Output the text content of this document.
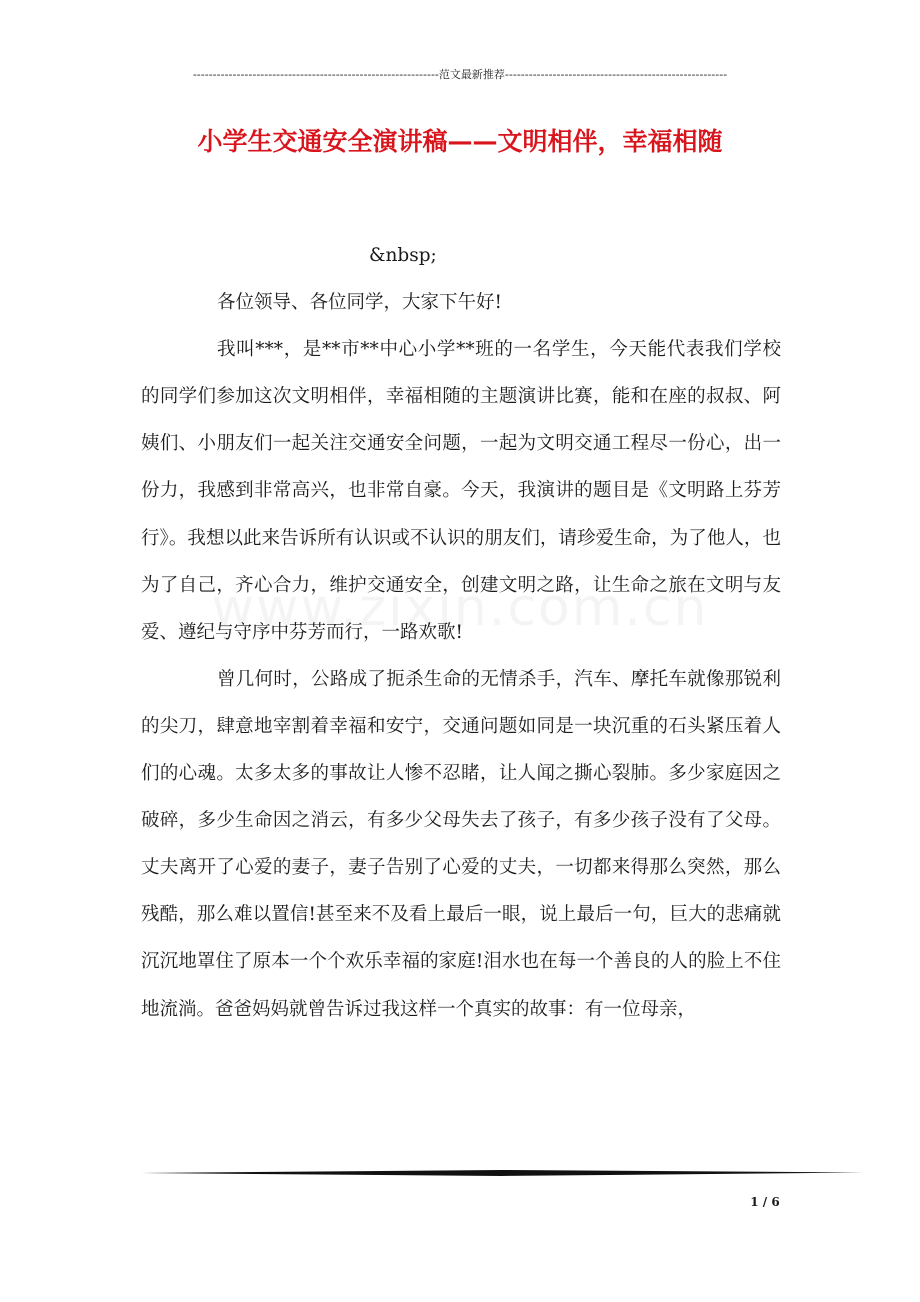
--------------------------------------------------------------范文最新推荐--------------------------------------------------------
小学生交通安全演讲稿——文明相伴，幸福相随

&nbsp;

各位领导、各位同学，大家下午好!

我叫***，是**市**中心小学**班的一名学生，今天能代表我们学校的同学们参加这次文明相伴，幸福相随的主题演讲比赛，能和在座的叔叔、阿姨们、小朋友们一起关注交通安全问题，一起为文明交通工程尽一份心，出一份力，我感到非常高兴，也非常自豪。今天，我演讲的题目是《文明路上芬芳行》。我想以此来告诉所有认识或不认识的朋友们，请珍爱生命，为了他人，也为了自己，齐心合力，维护交通安全，创建文明之路，让生命之旅在文明与友爱、遵纪与守序中芬芳而行，一路欢歌!

曾几何时，公路成了扼杀生命的无情杀手，汽车、摩托车就像那锐利的尖刀，肆意地宰割着幸福和安宁，交通问题如同是一块沉重的石头紧压着人们的心魂。太多太多的事故让人惨不忍睹，让人闻之撕心裂肺。多少家庭因之破碎，多少生命因之消云，有多少父母失去了孩子，有多少孩子没有了父母。丈夫离开了心爱的妻子，妻子告别了心爱的丈夫，一切都来得那么突然，那么残酷，那么难以置信!甚至来不及看上最后一眼，说上最后一句，巨大的悲痛就沉沉地罩住了原本一个个欢乐幸福的家庭!泪水也在每一个善良的人的脸上不住地流淌。爸爸妈妈就曾告诉过我这样一个真实的故事：有一位母亲，

1 / 6
